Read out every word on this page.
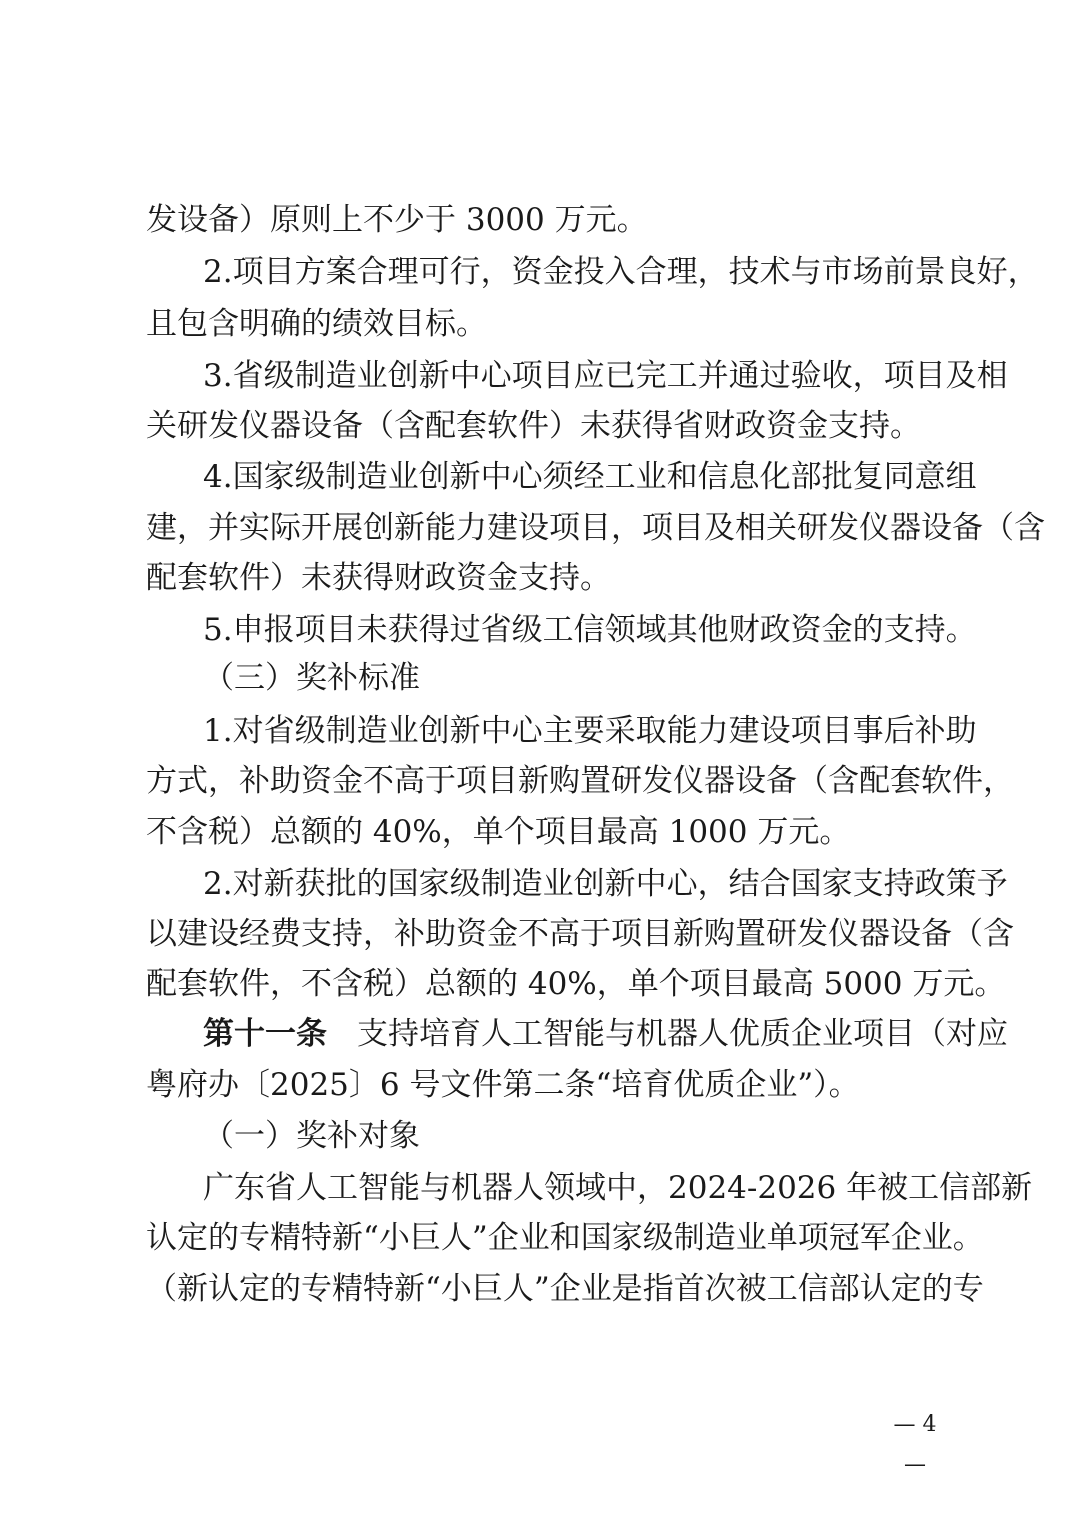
发设备）原则上不少于 3000 万元。
2.项目方案合理可行，资金投入合理，技术与市场前景良好，
且包含明确的绩效目标。
3.省级制造业创新中心项目应已完工并通过验收，项目及相
关研发仪器设备（含配套软件）未获得省财政资金支持。
4.国家级制造业创新中心须经工业和信息化部批复同意组
建，并实际开展创新能力建设项目，项目及相关研发仪器设备（含
配套软件）未获得财政资金支持。
5.申报项目未获得过省级工信领域其他财政资金的支持。
（三）奖补标准
1.对省级制造业创新中心主要采取能力建设项目事后补助
方式，补助资金不高于项目新购置研发仪器设备（含配套软件，
不含税）总额的 40%，单个项目最高 1000 万元。
2.对新获批的国家级制造业创新中心，结合国家支持政策予
以建设经费支持，补助资金不高于项目新购置研发仪器设备（含
配套软件，不含税）总额的 40%，单个项目最高 5000 万元。
第十一条 支持培育人工智能与机器人优质企业项目（对应
粤府办〔2025〕6 号文件第二条“培育优质企业”）。
（一）奖补对象
广东省人工智能与机器人领域中，2024-2026 年被工信部新
认定的专精特新“小巨人”企业和国家级制造业单项冠军企业。
（新认定的专精特新“小巨人”企业是指首次被工信部认定的专
— 4 —
